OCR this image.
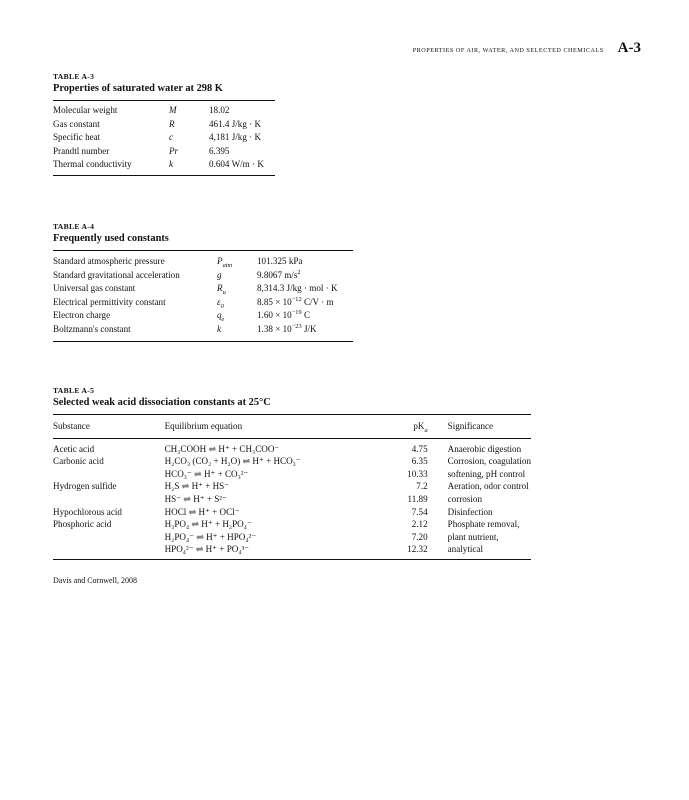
PROPERTIES OF AIR, WATER, AND SELECTED CHEMICALS A-3

TABLE A-3

Properties of saturated water at 298 K

Molecular weight	M	18.02
Gas constant	R	461.4 J/kg · K
Specific heat	c	4,181 J/kg · K
Prandtl number	Pr	6.395
Thermal conductivity	k	0.604 W/m · K

TABLE A-4

Frequently used constants

Standard atmospheric pressure	$P_{atm}$	101.325 kPa
Standard gravitational acceleration	g	9.8067 $m/s^2$
Universal gas constant	$R_u$	8,314.3 J/kg · mol · K
Electrical permittivity constant	$\varepsilon_0$	$8.85 \times 10^{-12}$ C/V · m
Electron charge	$q_e$	$1.60 \times 10^{-19}$ C
Boltzmann's constant	k	$1.38 \times 10^{-23}$ J/K

TABLE A-5

Selected weak acid dissociation constants at 25°C

Substance	Equilibrium equation	$pK_a$	Significance
Acetic acid	CH₃COOH ⇌ H⁺ + CH₃COO⁻	4.75	Anaerobic digestion
Carbonic acid	H₂CO₃ (CO₂ + H₂O) ⇌ H⁺ + HCO₃⁻	6.35	Corrosion, coagulation
	HCO₃⁻ ⇌ H⁺ + CO₃²⁻	10.33	softening, pH control
Hydrogen sulfide	H₂S ⇌ H⁺ + HS⁻	7.2	Aeration, odor control
	HS⁻ ⇌ H⁺ + S²⁻	11.89	corrosion
Hypochlorous acid	HOCl ⇌ H⁺ + OCl⁻	7.54	Disinfection
Phosphoric acid	H₃PO₄ ⇌ H⁺ + H₂PO₄⁻	2.12	Phosphate removal,
	H₂PO₄⁻ ⇌ H⁺ + HPO₄²⁻	7.20	plant nutrient,
	HPO₄²⁻ ⇌ H⁺ + PO₄³⁻	12.32	analytical
Davis and Cornwell, 2008
